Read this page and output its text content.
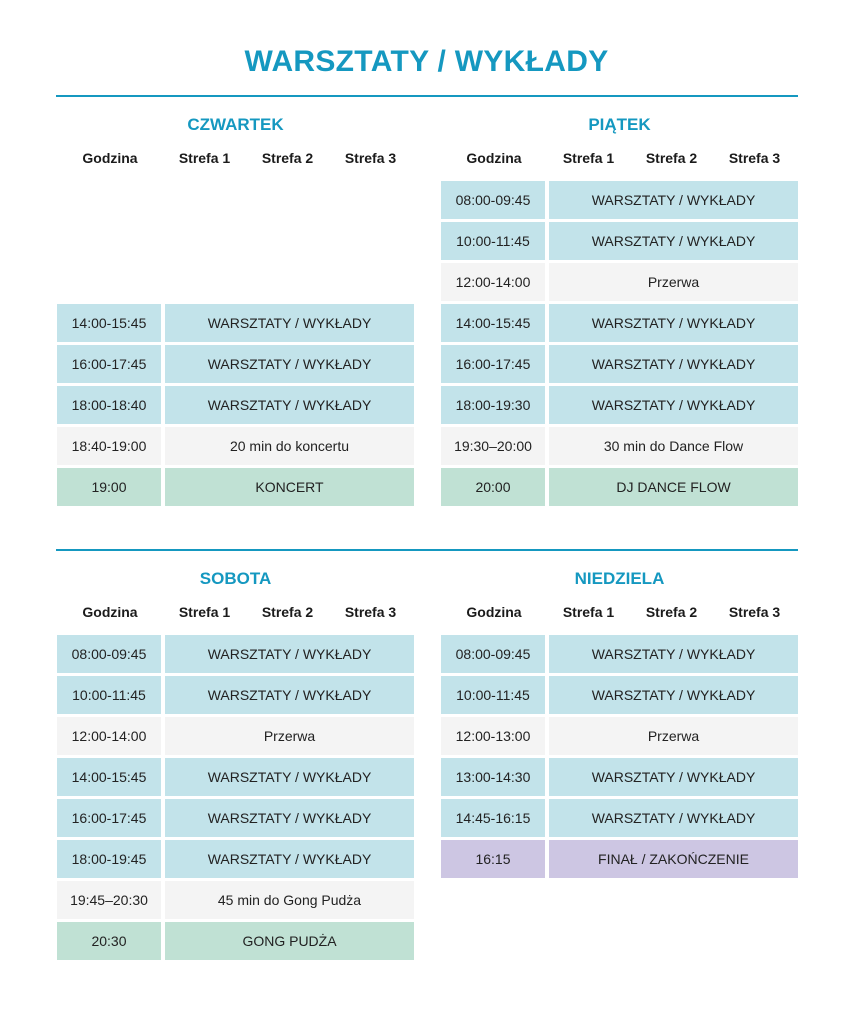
WARSZTATY / WYKŁADY
CZWARTEK
Godzina	Strefa 1	Strefa 2	Strefa 3
14:00-15:45	WARSZTATY / WYKŁADY
16:00-17:45	WARSZTATY / WYKŁADY
18:00-18:40	WARSZTATY / WYKŁADY
18:40-19:00	20 min do koncertu
19:00	KONCERT
PIĄTEK
Godzina	Strefa 1	Strefa 2	Strefa 3
08:00-09:45	WARSZTATY / WYKŁADY
10:00-11:45	WARSZTATY / WYKŁADY
12:00-14:00	Przerwa
14:00-15:45	WARSZTATY / WYKŁADY
16:00-17:45	WARSZTATY / WYKŁADY
18:00-19:30	WARSZTATY / WYKŁADY
19:30–20:00	30 min do Dance Flow
20:00	DJ DANCE FLOW
SOBOTA
Godzina	Strefa 1	Strefa 2	Strefa 3
08:00-09:45	WARSZTATY / WYKŁADY
10:00-11:45	WARSZTATY / WYKŁADY
12:00-14:00	Przerwa
14:00-15:45	WARSZTATY / WYKŁADY
16:00-17:45	WARSZTATY / WYKŁADY
18:00-19:45	WARSZTATY / WYKŁADY
19:45–20:30	45 min do Gong Pudża
20:30	GONG PUDŻA
NIEDZIELA
Godzina	Strefa 1	Strefa 2	Strefa 3
08:00-09:45	WARSZTATY / WYKŁADY
10:00-11:45	WARSZTATY / WYKŁADY
12:00-13:00	Przerwa
13:00-14:30	WARSZTATY / WYKŁADY
14:45-16:15	WARSZTATY / WYKŁADY
16:15	FINAŁ / ZAKOŃCZENIE
